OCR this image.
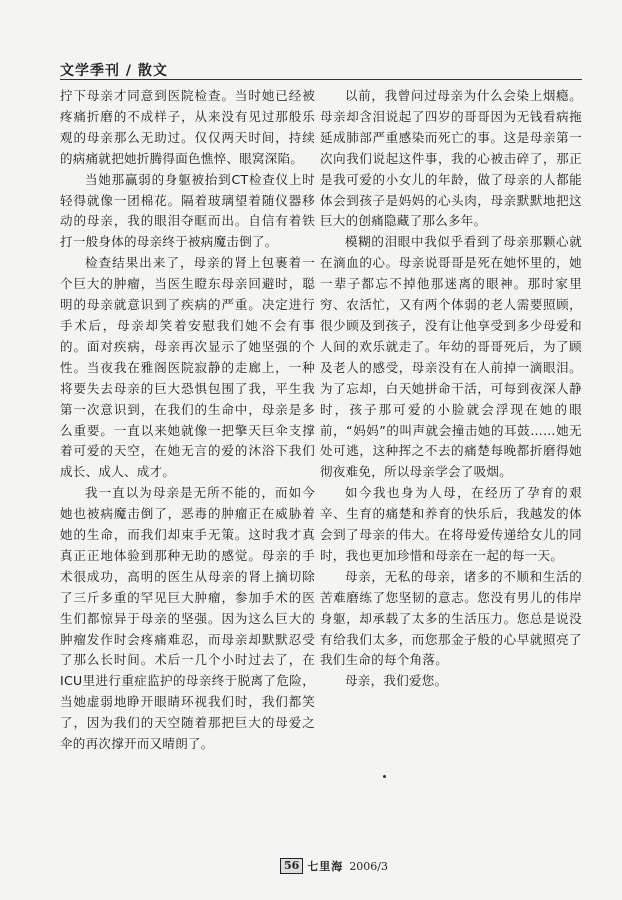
文学季刊 / 散文

拧下母亲才同意到医院检查。当时她已经被疼痛折磨的不成样子，从来没有见过那般乐观的母亲那么无助过。仅仅两天时间，持续的病痛就把她折腾得面色憔悴、眼窝深陷。

当她那赢弱的身躯被抬到CT检查仪上时轻得就像一团棉花。隔着玻璃望着随仪器移动的母亲，我的眼泪夺眶而出。自信有着铁打一般身体的母亲终于被病魔击倒了。

检查结果出来了，母亲的肾上包裹着一个巨大的肿瘤，当医生瞪东母亲回避时，聪明的母亲就意识到了疾病的严重。决定进行手术后，母亲却笑着安慰我们她不会有事的。面对疾病，母亲再次显示了她坚强的个性。当夜我在雅阁医院寂静的走廊上，一种将要失去母亲的巨大恐惧包围了我，平生我第一次意识到，在我们的生命中，母亲是多么重要。一直以来她就像一把擎天巨伞支撑着可爱的天空，在她无言的爱的沐浴下我们成长、成人、成才。

我一直以为母亲是无所不能的，而如今她也被病魔击倒了，恶毒的肿瘤正在威胁着她的生命，而我们却束手无策。这时我才真真正正地体验到那种无助的感觉。母亲的手术很成功，高明的医生从母亲的肾上摘切除了三斤多重的罕见巨大肿瘤，参加手术的医生们都惊异于母亲的坚强。因为这么巨大的肿瘤发作时会疼痛难忍，而母亲却默默忍受了那么长时间。术后一几个小时过去了，在ICU里进行重症监护的母亲终于脱离了危险，当她虚弱地睁开眼睛环视我们时，我们都笑了，因为我们的天空随着那把巨大的母爱之伞的再次撑开而又晴朗了。

以前，我曾问过母亲为什么会染上烟瘾。母亲却含泪说起了四岁的哥哥因为无钱看病拖延成肺部严重感染而死亡的事。这是母亲第一次向我们说起这件事，我的心被击碎了，那正是我可爱的小女儿的年龄，做了母亲的人都能体会到孩子是妈妈的心头肉，母亲默默地把这巨大的创痛隐藏了那么多年。

模糊的泪眼中我似乎看到了母亲那颗心就在滴血的心。母亲说哥哥是死在她怀里的，她一辈子都忘不掉他那迷离的眼神。那时家里穷、农活忙，又有两个体弱的老人需要照顾，很少顾及到孩子，没有让他享受到多少母爱和人间的欢乐就走了。年幼的哥哥死后，为了顾及老人的感受，母亲没有在人前掉一滴眼泪。为了忘却，白天她拼命干活，可每到夜深人静时，孩子那可爱的小脸就会浮现在她的眼前，“妈妈”的叫声就会撞击她的耳鼓……她无处可逃，这种挥之不去的痛楚每晚都折磨得她彻夜难免，所以母亲学会了吸烟。

如今我也身为人母，在经历了孕育的艰辛、生育的痛楚和养育的快乐后，我越发的体会到了母亲的伟大。在将母爱传递给女儿的同时，我也更加珍惜和母亲在一起的每一天。

母亲，无私的母亲，诸多的不顺和生活的苦难磨练了您坚韧的意志。您没有男儿的伟岸身躯，却承载了太多的生活压力。您总是说没有给我们太多，而您那金子般的心早就照亮了我们生命的每个角落。

母亲，我们爱您。

56 七里海 2006/3
